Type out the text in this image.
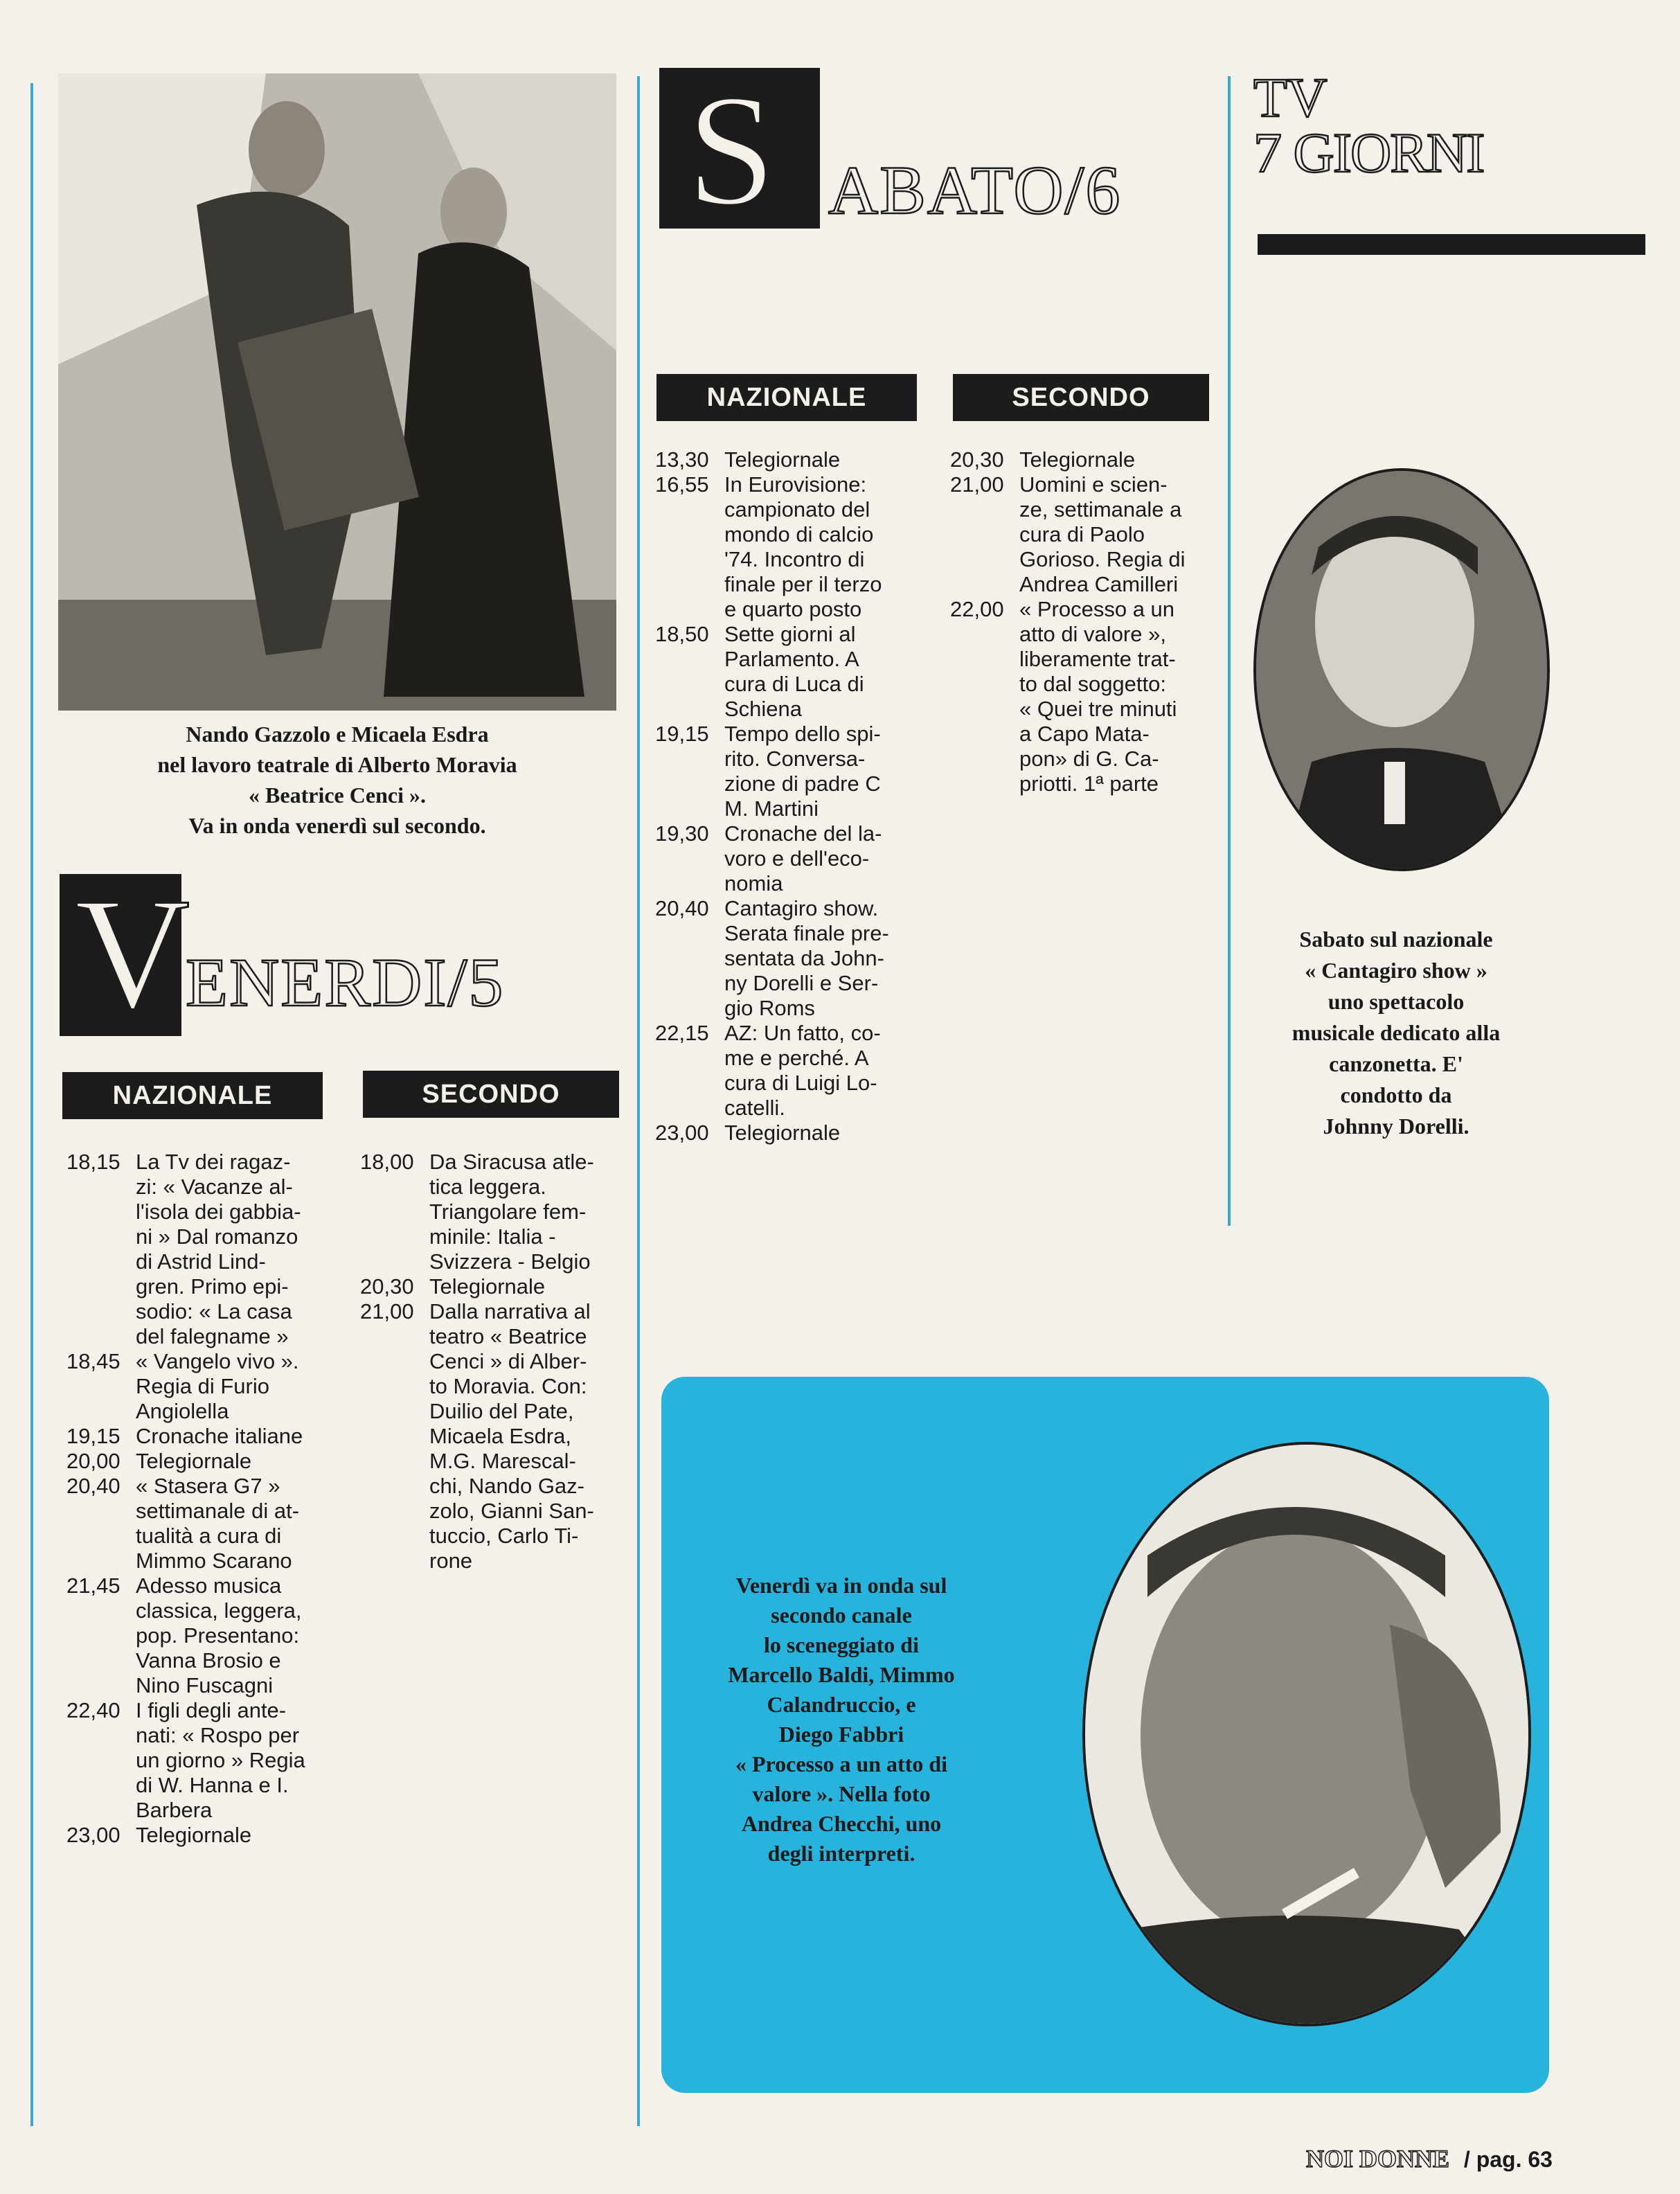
Nando Gazzolo e Micaela Esdra
nel lavoro teatrale di Alberto Moravia
« Beatrice Cenci ».
Va in onda venerdì sul secondo.
V
ENERDI/5
NAZIONALE	SECONDO
18,15 La Tv dei ragaz-
zi: « Vacanze al-
l'isola dei gabbia-
ni » Dal romanzo
di Astrid Lind-
gren. Primo epi-
sodio: « La casa
del falegname »
18,45 « Vangelo vivo ».
Regia di Furio
Angiolella
19,15 Cronache italiane
20,00 Telegiornale
20,40 « Stasera G7 »
settimanale di at-
tualità a cura di
Mimmo Scarano
21,45 Adesso musica
classica, leggera,
pop. Presentano:
Vanna Brosio e
Nino Fuscagni
22,40 I figli degli ante-
nati: « Rospo per
un giorno » Regia
di W. Hanna e I.
Barbera
23,00 Telegiornale
18,00 Da Siracusa atle-
tica leggera.
Triangolare fem-
minile: Italia -
Svizzera - Belgio
20,30 Telegiornale
21,00 Dalla narrativa al
teatro « Beatrice
Cenci » di Alber-
to Moravia. Con:
Duilio del Pate,
Micaela Esdra,
M.G. Marescal-
chi, Nando Gaz-
zolo, Gianni San-
tuccio, Carlo Ti-
rone
S ABATO/6
NAZIONALE	SECONDO
13,30 Telegiornale
16,55 In Eurovisione:
campionato del
mondo di calcio
'74. Incontro di
finale per il terzo
e quarto posto
18,50 Sette giorni al
Parlamento. A
cura di Luca di
Schiena
19,15 Tempo dello spi-
rito. Conversa-
zione di padre C
M. Martini
19,30 Cronache del la-
voro e dell'eco-
nomia
20,40 Cantagiro show.
Serata finale pre-
sentata da John-
ny Dorelli e Ser-
gio Roms
22,15 AZ: Un fatto, co-
me e perché. A
cura di Luigi Lo-
catelli.
23,00 Telegiornale
20,30 Telegiornale
21,00 Uomini e scien-
ze, settimanale a
cura di Paolo
Gorioso. Regia di
Andrea Camilleri
22,00 « Processo a un
atto di valore »,
liberamente trat-
to dal soggetto:
« Quei tre minuti
a Capo Mata-
pon» di G. Ca-
priotti. 1ª parte
TV
7 GIORNI
Sabato sul nazionale
« Cantagiro show »
uno spettacolo
musicale dedicato alla
canzonetta. E'
condotto da
Johnny Dorelli.
Venerdì va in onda sul
secondo canale
lo sceneggiato di
Marcello Baldi, Mimmo
Calandruccio, e
Diego Fabbri
« Processo a un atto di
valore ». Nella foto
Andrea Checchi, uno
degli interpreti.
NOI DONNE / pag. 63
